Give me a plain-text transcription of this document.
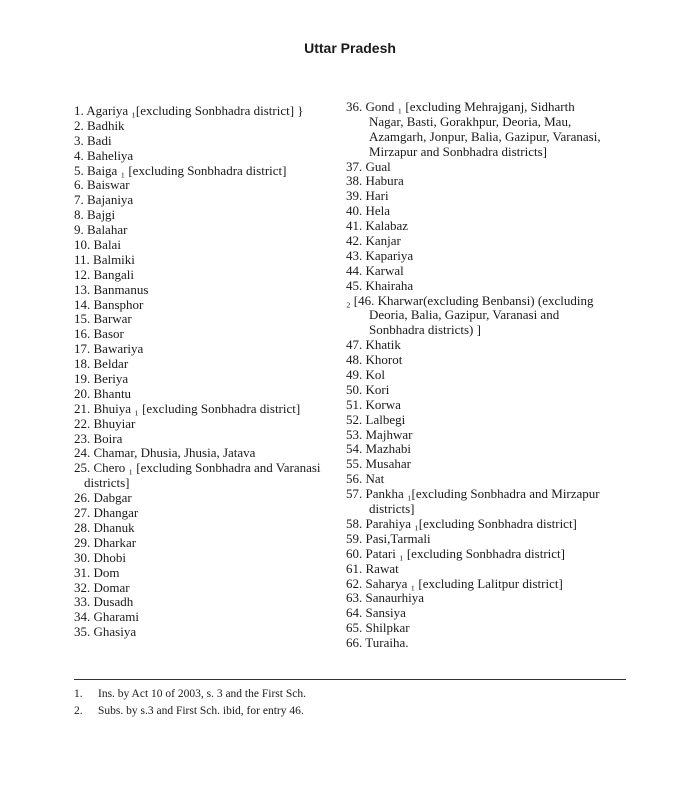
Uttar Pradesh
1. Agariya ₁[excluding Sonbhadra district] }
2. Badhik
3. Badi
4. Baheliya
5. Baiga ₁ [excluding Sonbhadra district]
6. Baiswar
7. Bajaniya
8. Bajgi
9. Balahar
10. Balai
11. Balmiki
12. Bangali
13. Banmanus
14. Bansphor
15. Barwar
16. Basor
17. Bawariya
18. Beldar
19. Beriya
20. Bhantu
21. Bhuiya ₁ [excluding Sonbhadra district]
22. Bhuyiar
23. Boira
24. Chamar, Dhusia, Jhusia, Jatava
25. Chero ₁ [excluding Sonbhadra and Varanasi
districts]
26. Dabgar
27. Dhangar
28. Dhanuk
29. Dharkar
30. Dhobi
31. Dom
32. Domar
33. Dusadh
34. Gharami
35. Ghasiya
36. Gond ₁ [excluding Mehrajganj, Sidharth
Nagar, Basti, Gorakhpur, Deoria, Mau,
Azamgarh, Jonpur, Balia, Gazipur, Varanasi,
Mirzapur and Sonbhadra districts]
37. Gual
38. Habura
39. Hari
40. Hela
41. Kalabaz
42. Kanjar
43. Kapariya
44. Karwal
45. Khairaha
₂ [46. Kharwar(excluding Benbansi) (excluding
Deoria, Balia, Gazipur, Varanasi and
Sonbhadra districts) ]
47. Khatik
48. Khorot
49. Kol
50. Kori
51. Korwa
52. Lalbegi
53. Majhwar
54. Mazhabi
55. Musahar
56. Nat
57. Pankha ₁[excluding Sonbhadra and Mirzapur
districts]
58. Parahiya ₁[excluding Sonbhadra district]
59. Pasi,Tarmali
60. Patari ₁ [excluding Sonbhadra district]
61. Rawat
62. Saharya ₁ [excluding Lalitpur district]
63. Sanaurhiya
64. Sansiya
65. Shilpkar
66. Turaiha.
1. Ins. by Act 10 of 2003, s. 3 and the First Sch.
2. Subs. by s.3 and First Sch. ibid, for entry 46.
